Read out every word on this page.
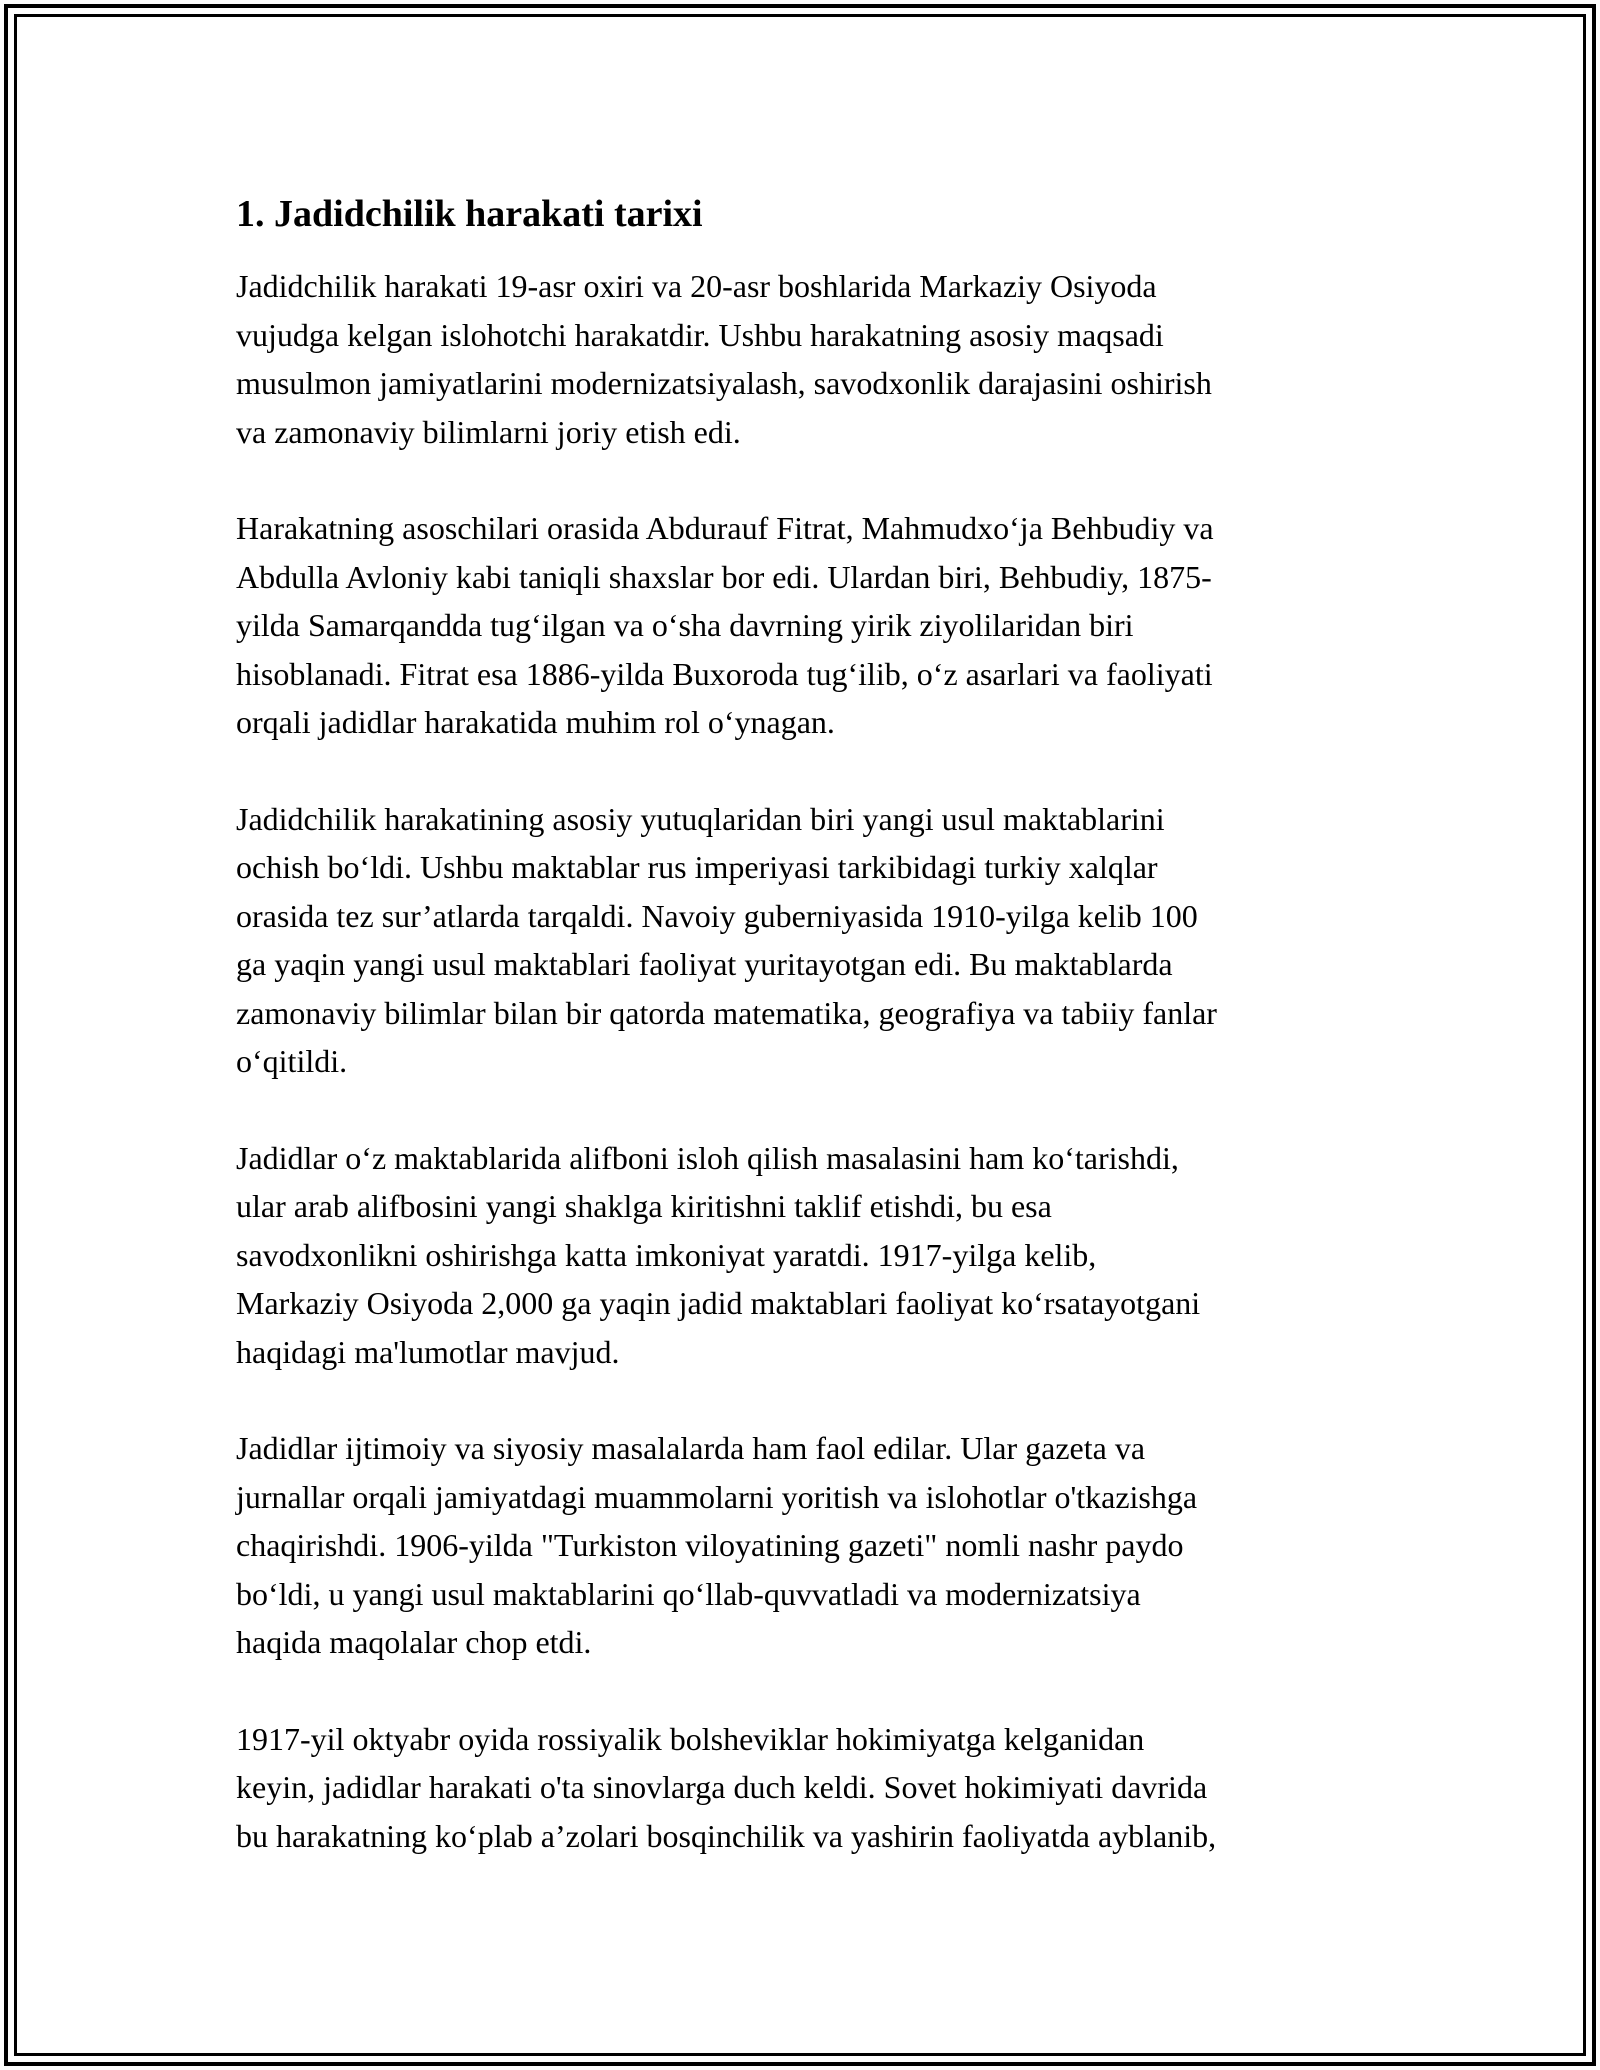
1. Jadidchilik harakati tarixi

Jadidchilik harakati 19-asr oxiri va 20-asr boshlarida Markaziy Osiyoda
vujudga kelgan islohotchi harakatdir. Ushbu harakatning asosiy maqsadi
musulmon jamiyatlarini modernizatsiyalash, savodxonlik darajasini oshirish
va zamonaviy bilimlarni joriy etish edi.

Harakatning asoschilari orasida Abdurauf Fitrat, Mahmudxo‘ja Behbudiy va
Abdulla Avloniy kabi taniqli shaxslar bor edi. Ulardan biri, Behbudiy, 1875-
yilda Samarqandda tug‘ilgan va o‘sha davrning yirik ziyolilaridan biri
hisoblanadi. Fitrat esa 1886-yilda Buxoroda tug‘ilib, o‘z asarlari va faoliyati
orqali jadidlar harakatida muhim rol o‘ynagan.

Jadidchilik harakatining asosiy yutuqlaridan biri yangi usul maktablarini
ochish bo‘ldi. Ushbu maktablar rus imperiyasi tarkibidagi turkiy xalqlar
orasida tez sur’atlarda tarqaldi. Navoiy guberniyasida 1910-yilga kelib 100
ga yaqin yangi usul maktablari faoliyat yuritayotgan edi. Bu maktablarda
zamonaviy bilimlar bilan bir qatorda matematika, geografiya va tabiiy fanlar
o‘qitildi.

Jadidlar o‘z maktablarida alifboni isloh qilish masalasini ham ko‘tarishdi,
ular arab alifbosini yangi shaklga kiritishni taklif etishdi, bu esa
savodxonlikni oshirishga katta imkoniyat yaratdi. 1917-yilga kelib,
Markaziy Osiyoda 2,000 ga yaqin jadid maktablari faoliyat ko‘rsatayotgani
haqidagi ma'lumotlar mavjud.

Jadidlar ijtimoiy va siyosiy masalalarda ham faol edilar. Ular gazeta va
jurnallar orqali jamiyatdagi muammolarni yoritish va islohotlar o'tkazishga
chaqirishdi. 1906-yilda "Turkiston viloyatining gazeti" nomli nashr paydo
bo‘ldi, u yangi usul maktablarini qo‘llab-quvvatladi va modernizatsiya
haqida maqolalar chop etdi.

1917-yil oktyabr oyida rossiyalik bolsheviklar hokimiyatga kelganidan
keyin, jadidlar harakati o'ta sinovlarga duch keldi. Sovet hokimiyati davrida
bu harakatning ko‘plab a’zolari bosqinchilik va yashirin faoliyatda ayblanib,
